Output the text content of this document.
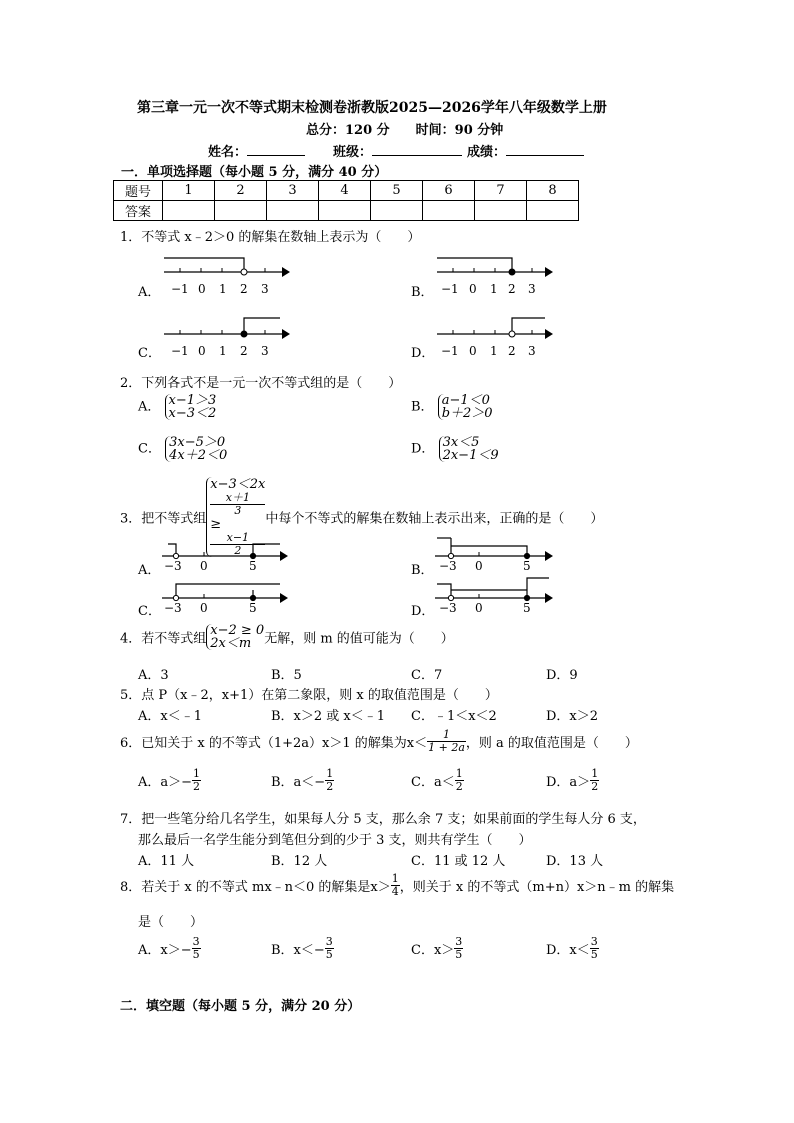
第三章一元一次不等式期末检测卷浙教版2025—2026学年八年级数学上册
总分：120 分　　时间：90 分钟
姓名：	班级：	成绩：
一．单项选择题（每小题 5 分，满分 40 分）
题号	1	2	3	4	5	6	7	8
答案								
1．不等式 x﹣2＞0 的解集在数轴上表示为（　　）
A． −1 0 1 2 3	B． −1 0 1 2 3
C． −1 0 1 2 3	D． −1 0 1 2 3
2．下列各式不是一元一次不等式组的是（　　）
A． x−1＞3
x−3＜2	B． a−1＜0
b＋2＞0
C． 3x−5＞0
4x＋2＜0	D． 3x＜5
2x−1＜9
3．把不等式组
x−3＜2x
x＋1
3
≥
x−1
2
中每个不等式的解集在数轴上表示出来，正确的是（　　）
A． −3 0	5	B． −3 0	5
C． −3 0	5	D． −3 0	5
4．若不等式组
x−2 ≥ 0
2x＜m	无解，则 m 的值可能为（　　）
A．3	B．5	C．7	D．9
5．点 P（x﹣2，x+1）在第二象限，则 x 的取值范围是（　　）
A．x＜﹣1	B．x＞2 或 x＜﹣1 C．﹣1＜x＜2	D．x＞2
6．已知关于 x 的不等式（1+2a）x＞1 的解集为$x< \frac{1}{1 + 2a}$ ，则 a 的取值范围是（　　）
A．$a>- \frac{1}{2}$	B．$a<- \frac{1}{2}$	C．$a< \frac{1}{2}$	D．$a> \frac{1}{2}$
7．把一些笔分给几名学生，如果每人分 5 支，那么余 7 支；如果前面的学生每人分 6 支，
那么最后一名学生能分到笔但分到的少于 3 支，则共有学生（　　）
A．11 人	B．12 人	C．11 或 12 人	D．13 人
8．若关于 x 的不等式 mx﹣n＜0 的解集是$x> \frac{1}{4}$ ，则关于 x 的不等式（m+n）x＞n﹣m 的解集
是（　　）
A．$x>- \frac{3}{5}$	B．$x<- \frac{3}{5}$	C．$x> \frac{3}{5}$	D．$x< \frac{3}{5}$
二．填空题（每小题 5 分，满分 20 分）
